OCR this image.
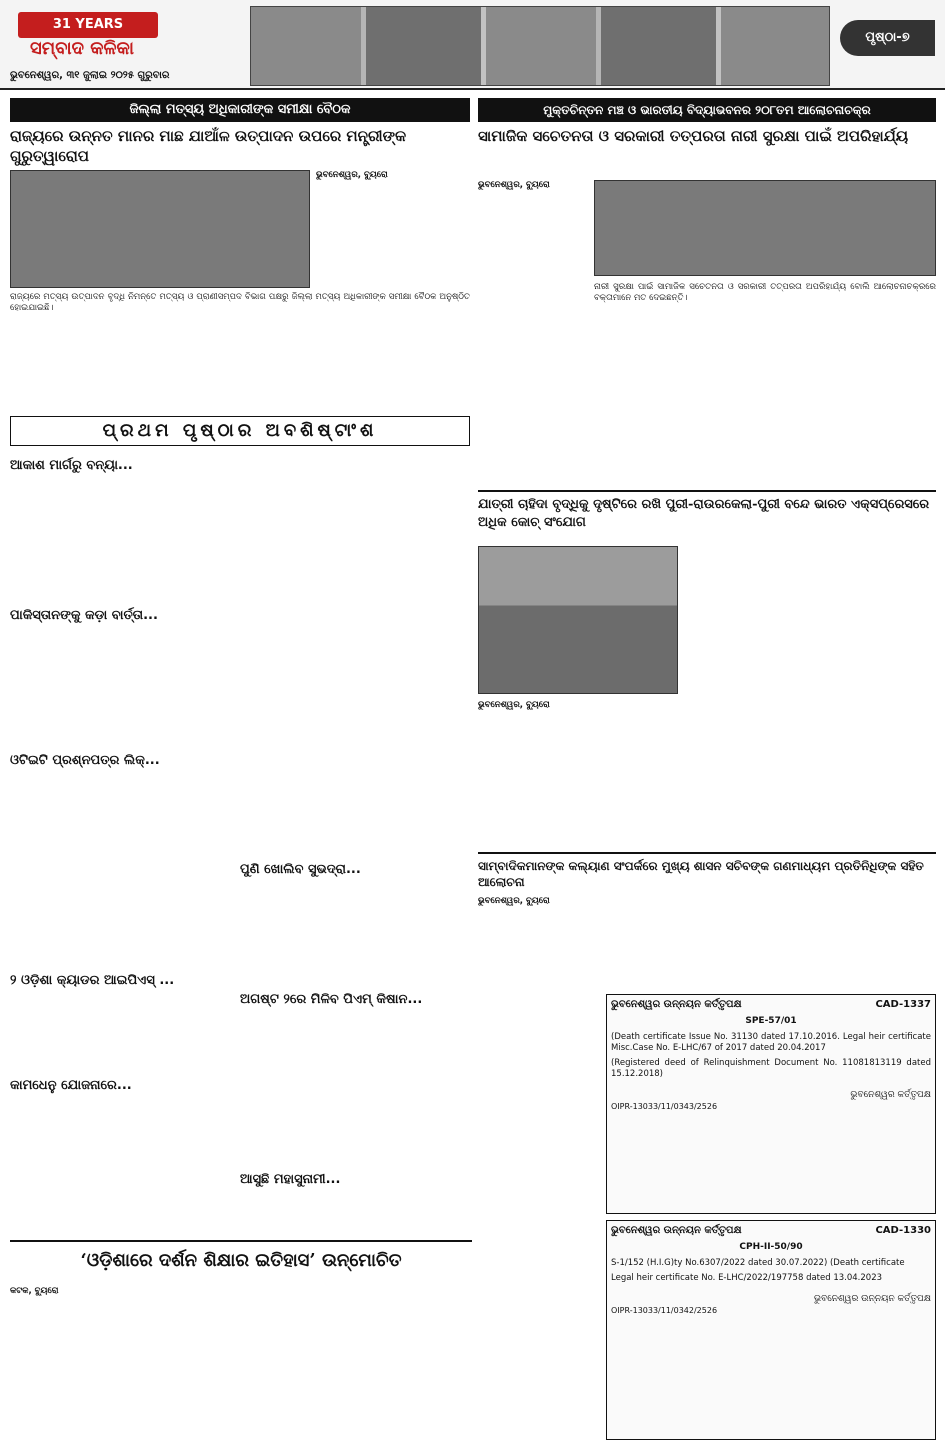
31 YEARS
ସମ୍ବାଦ କଳିକା
ଭୁବନେଶ୍ୱର, ୩୧ ଜୁଲାଇ ୨୦୨୫ ଗୁରୁବାର
ପୃଷ୍ଠା-୭
ଜିଲ୍ଲା ମତ୍ସ୍ୟ ଅଧିକାରୀଙ୍କ ସମୀକ୍ଷା ବୈଠକ
ରାଜ୍ୟରେ ଉନ୍ନତ ମାନର ମାଛ ଯାଆଁଳ ଉତ୍ପାଦନ ଉପରେ ମନ୍ତ୍ରୀଙ୍କ ଗୁରୁତ୍ୱାରୋପ
ଭୁବନେଶ୍ୱର, ବ୍ୟୁରୋ
ରାଜ୍ୟରେ ମତ୍ସ୍ୟ ଉତ୍ପାଦନ ବୃଦ୍ଧି ନିମନ୍ତେ ମତ୍ସ୍ୟ ଓ ପ୍ରାଣୀସମ୍ପଦ ବିଭାଗ ପକ୍ଷରୁ ଜିଲ୍ଲା ମତ୍ସ୍ୟ ଅଧିକାରୀଙ୍କ ସମୀକ୍ଷା ବୈଠକ ଅନୁଷ୍ଠିତ ହୋଇଯାଇଛି।
ପ୍ରଥମ ପୃଷ୍ଠାର ଅବଶିଷ୍ଟାଂଶ
ଆକାଶ ମାର୍ଗରୁ ବନ୍ୟା...
ପାକିସ୍ତାନଙ୍କୁ କଡ଼ା ବାର୍ତ୍ତା...
ଓଟିଇଟି ପ୍ରଶ୍ନପତ୍ର ଲିକ୍...
୨ ଓଡ଼ିଶା କ୍ୟାଡର ଆଇପିଏସ୍ ...
କାମଧେନୁ ଯୋଜନାରେ...
ପୁଣି ଖୋଲିବ ସୁଭଦ୍ରା...
ଅଗଷ୍ଟ ୨ରେ ମିଳିବ ପିଏମ୍ କିଷାନ...
ଆସୁଛି ମହାସୁନାମୀ...
ମୁକ୍ତଚିନ୍ତନ ମଞ୍ଚ ଓ ଭାରତୀୟ ବିଦ୍ୟାଭବନର ୨୦୮ତମ ଆଲୋଚନାଚକ୍ର
ସାମାଜିକ ସଚେତନତା ଓ ସରକାରୀ ତତ୍ପରତା ନାରୀ ସୁରକ୍ଷା ପାଇଁ ଅପରିହାର୍ଯ୍ୟ
ଭୁବନେଶ୍ୱର, ବ୍ୟୁରୋ
ନାରୀ ସୁରକ୍ଷା ପାଇଁ ସାମାଜିକ ସଚେତନତା ଓ ସରକାରୀ ତତ୍ପରତା ଅପରିହାର୍ଯ୍ୟ ବୋଲି ଆଲୋଚନାଚକ୍ରରେ ବକ୍ତାମାନେ ମତ ଦେଇଛନ୍ତି।
ଯାତ୍ରୀ ଚାହିଦା ବୃଦ୍ଧିକୁ ଦୃଷ୍ଟିରେ ରଖି ପୁରୀ-ରାଉରକେଲା-ପୁରୀ ବନ୍ଦେ ଭାରତ ଏକ୍ସପ୍ରେସରେ ଅଧିକ କୋଚ୍ ସଂଯୋଗ
ଭୁବନେଶ୍ୱର, ବ୍ୟୁରୋ
ସାମ୍ବାଦିକମାନଙ୍କ କଲ୍ୟାଣ ସଂପର୍କରେ ମୁଖ୍ୟ ଶାସନ ସଚିବଙ୍କ ଗଣମାଧ୍ୟମ ପ୍ରତିନିଧିଙ୍କ ସହିତ ଆଲୋଚନା
ଭୁବନେଶ୍ୱର, ବ୍ୟୁରୋ
ଭୁବନେଶ୍ୱର ଉନ୍ନୟନ କର୍ତ୍ତୃପକ୍ଷ	CAD-1337
SPE-57/01
(Death certificate Issue No. 31130 dated 17.10.2016. Legal heir certificate Misc.Case No. E-LHC/67 of 2017 dated 20.04.2017
(Registered deed of Relinquishment Document No. 11081813119 dated 15.12.2018)
ଭୁବନେଶ୍ୱର କର୍ତ୍ତୃପକ୍ଷ
OIPR-13033/11/0343/2526
ଭୁବନେଶ୍ୱର ଉନ୍ନୟନ କର୍ତ୍ତୃପକ୍ଷ	CAD-1330
CPH-II-50/90
S-1/152 (H.I.G)ty No.6307/2022 dated 30.07.2022) (Death certificate
Legal heir certificate No. E-LHC/2022/197758 dated 13.04.2023
ଭୁବନେଶ୍ୱର ଉନ୍ନୟନ କର୍ତ୍ତୃପକ୍ଷ
OIPR-13033/11/0342/2526
‘ଓଡ଼ିଶାରେ ଦର୍ଶନ ଶିକ୍ଷାର ଇତିହାସ’ ଉନ୍ମୋଚିତ
କଟକ, ବ୍ୟୁରୋ
